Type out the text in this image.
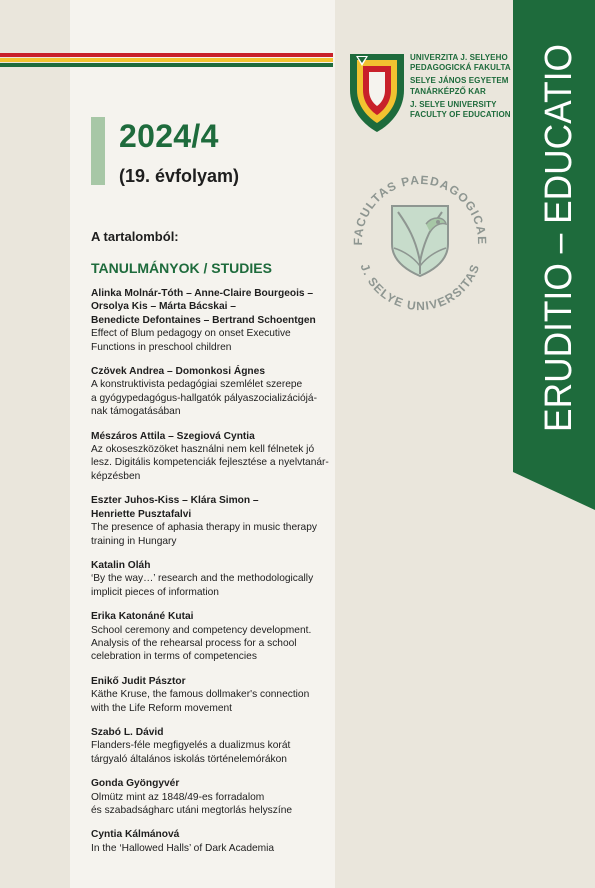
2024/4
(19. évfolyam)
A tartalomból:
TANULMÁNYOK / STUDIES
Alinka Molnár-Tóth – Anne-Claire Bourgeois –
Orsolya Kis – Márta Bácskai –
Benedicte Defontaines – Bertrand Schoentgen
Effect of Blum pedagogy on onset Executive
Functions in preschool children
Czövek Andrea – Domonkosi Ágnes
A konstruktivista pedagógiai szemlélet szerepe
a gyógypedagógus-hallgatók pályaszocializációjá-
nak támogatásában
Mészáros Attila – Szegiová Cyntia
Az okoseszközöket használni nem kell félnetek jó
lesz. Digitális kompetenciák fejlesztése a nyelvtanár-
képzésben
Eszter Juhos-Kiss – Klára Simon –
Henriette Pusztafalvi
The presence of aphasia therapy in music therapy
training in Hungary
Katalin Oláh
‘By the way…’ research and the methodologically
implicit pieces of information
Erika Katonáné Kutai
School ceremony and competency development.
Analysis of the rehearsal process for a school
celebration in terms of competencies
Enikő Judit Pásztor
Käthe Kruse, the famous dollmaker's connection
with the Life Reform movement
Szabó L. Dávid
Flanders-féle megfigyelés a dualizmus korát
tárgyaló általános iskolás történelemórákon
Gonda Gyöngyvér
Olmütz mint az 1848/49-es forradalom
és szabadságharc utáni megtorlás helyszíne
Cyntia Kálmánová
In the ‘Hallowed Halls’ of Dark Academia
UNIVERZITA J. SELYEHO
PEDAGOGICKÁ FAKULTA
SELYE JÁNOS EGYETEM
TANÁRKÉPZŐ KAR
J. SELYE UNIVERSITY
FACULTY OF EDUCATION
FACULTAS PAEDAGOGICAE
J. SELYE UNIVERSITAS ERUDITIO – EDUCATIO
